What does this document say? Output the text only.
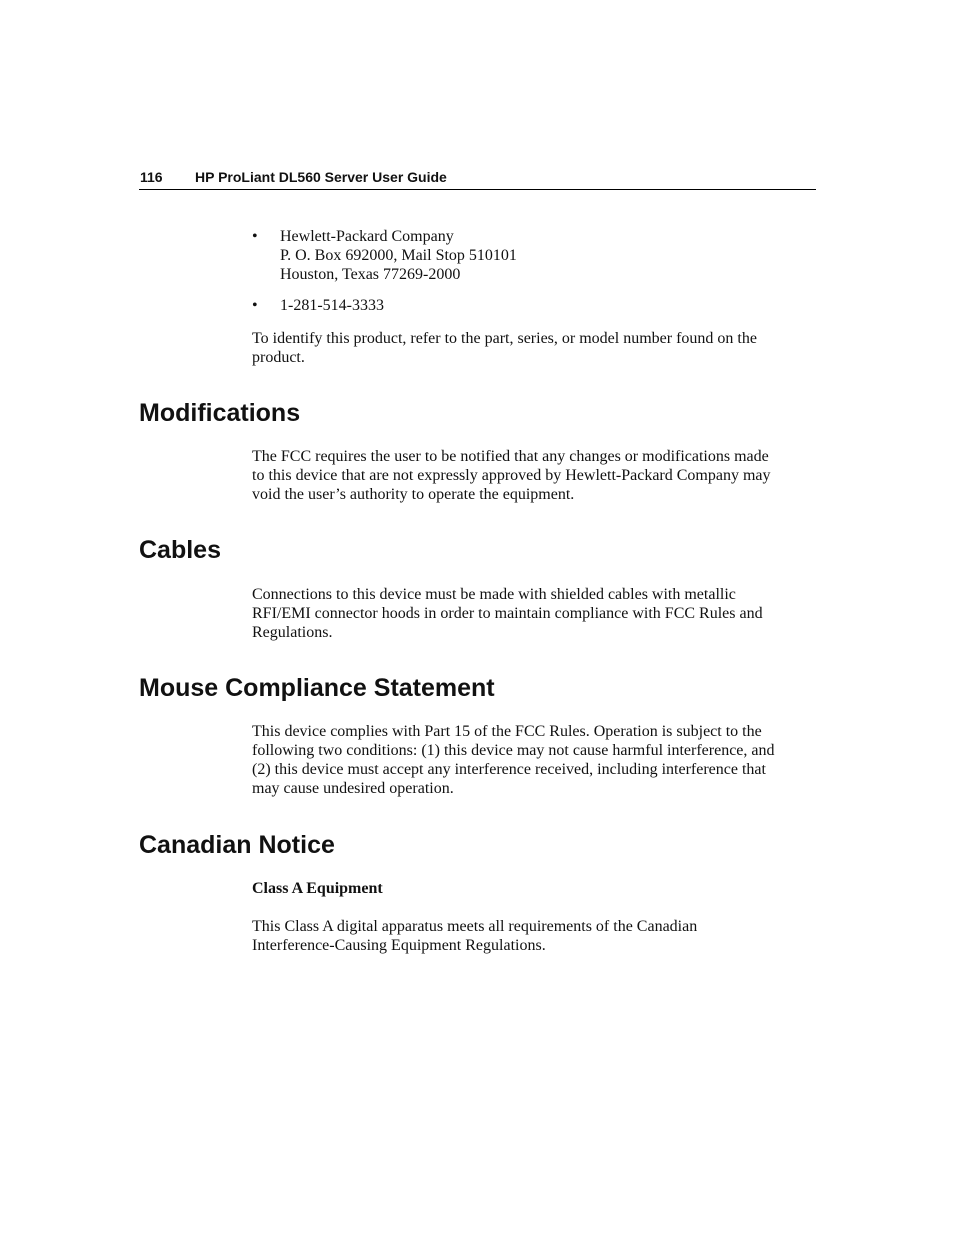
116 HP ProLiant DL560 Server User Guide
• Hewlett-Packard Company
P. O. Box 692000, Mail Stop 510101
Houston, Texas 77269-2000
• 1-281-514-3333
To identify this product, refer to the part, series, or model number found on the
product.
Modifications
The FCC requires the user to be notified that any changes or modifications made
to this device that are not expressly approved by Hewlett-Packard Company may
void the user’s authority to operate the equipment.
Cables
Connections to this device must be made with shielded cables with metallic
RFI/EMI connector hoods in order to maintain compliance with FCC Rules and
Regulations.
Mouse Compliance Statement
This device complies with Part 15 of the FCC Rules. Operation is subject to the
following two conditions: (1) this device may not cause harmful interference, and
(2) this device must accept any interference received, including interference that
may cause undesired operation.
Canadian Notice
Class A Equipment
This Class A digital apparatus meets all requirements of the Canadian
Interference-Causing Equipment Regulations.
